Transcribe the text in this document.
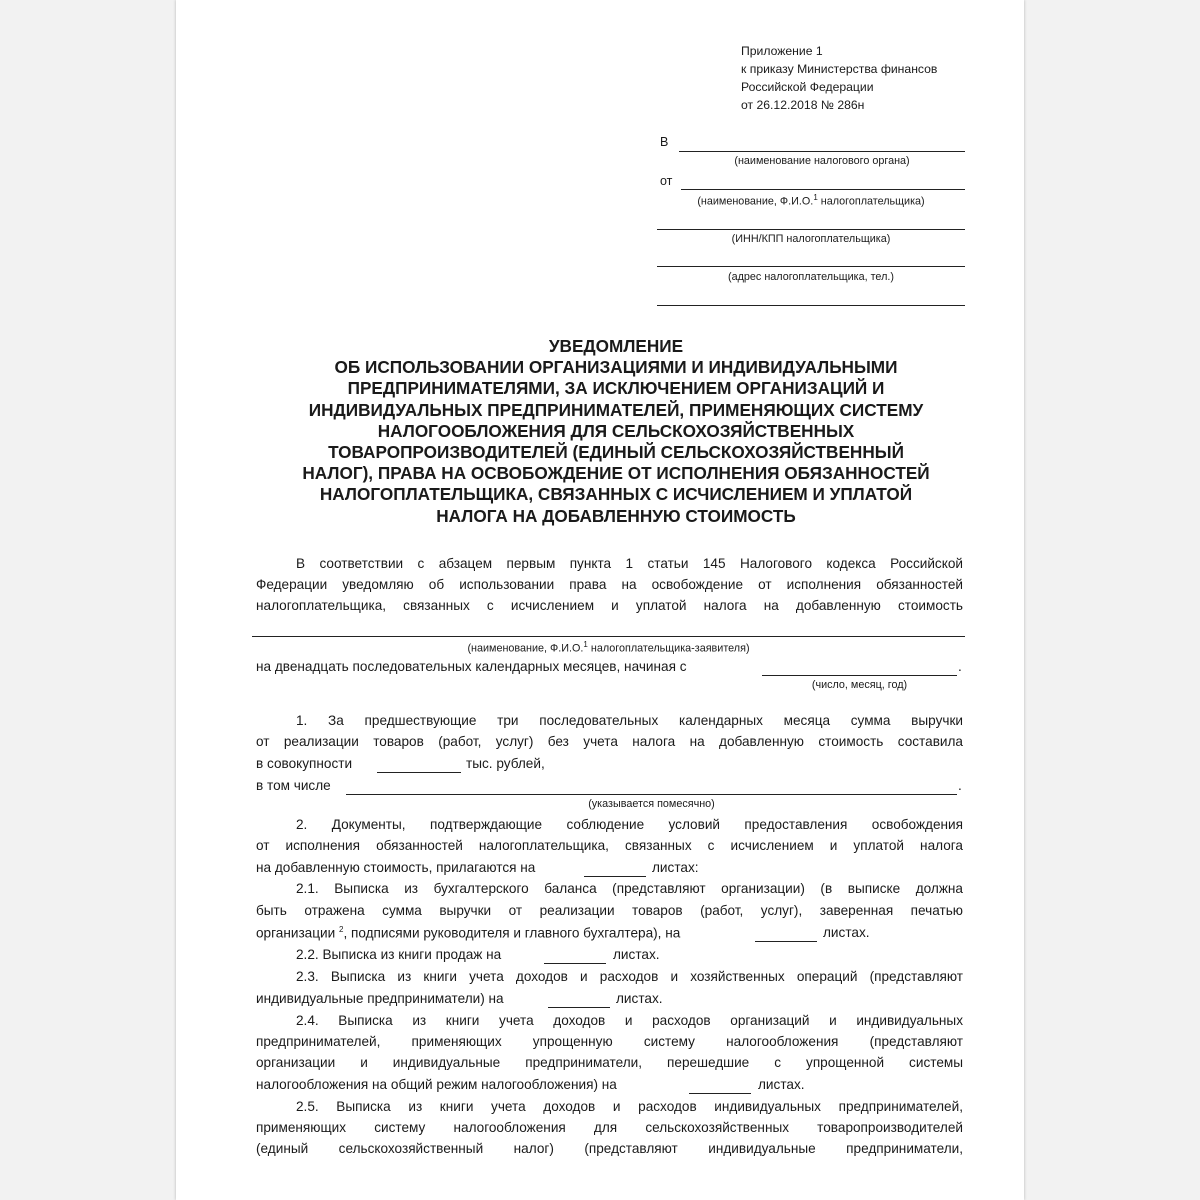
Приложение 1
к приказу Министерства финансов
Российской Федерации
от 26.12.2018 № 286н
В
(наименование налогового органа)
от
(наименование, Ф.И.О.$^1$ налогоплательщика)
(ИНН/КПП налогоплательщика)
(адрес налогоплательщика, тел.)
УВЕДОМЛЕНИЕ
ОБ ИСПОЛЬЗОВАНИИ ОРГАНИЗАЦИЯМИ И ИНДИВИДУАЛЬНЫМИ
ПРЕДПРИНИМАТЕЛЯМИ, ЗА ИСКЛЮЧЕНИЕМ ОРГАНИЗАЦИЙ И
ИНДИВИДУАЛЬНЫХ ПРЕДПРИНИМАТЕЛЕЙ, ПРИМЕНЯЮЩИХ СИСТЕМУ
НАЛОГООБЛОЖЕНИЯ ДЛЯ СЕЛЬСКОХОЗЯЙСТВЕННЫХ
ТОВАРОПРОИЗВОДИТЕЛЕЙ (ЕДИНЫЙ СЕЛЬСКОХОЗЯЙСТВЕННЫЙ
НАЛОГ), ПРАВА НА ОСВОБОЖДЕНИЕ ОТ ИСПОЛНЕНИЯ ОБЯЗАННОСТЕЙ
НАЛОГОПЛАТЕЛЬЩИКА, СВЯЗАННЫХ С ИСЧИСЛЕНИЕМ И УПЛАТОЙ
НАЛОГА НА ДОБАВЛЕННУЮ СТОИМОСТЬ
В соответствии с абзацем первым пункта 1 статьи 145 Налогового кодекса Российской
Федерации уведомляю об использовании права на освобождение от исполнения обязанностей
налогоплательщика, связанных с исчислением и уплатой налога на добавленную стоимость
(наименование, Ф.И.О.$^1$ налогоплательщика-заявителя)
на двенадцать последовательных календарных месяцев, начиная с	.
(число, месяц, год)
1. За предшествующие три последовательных календарных месяца сумма выручки
от реализации товаров (работ, услуг) без учета налога на добавленную стоимость составила
в совокупности	тыс. рублей,
в том числе	.
(указывается помесячно)
2. Документы, подтверждающие соблюдение условий предоставления освобождения
от исполнения обязанностей налогоплательщика, связанных с исчислением и уплатой налога
на добавленную стоимость, прилагаются на	листах:
2.1. Выписка из бухгалтерского баланса (представляют организации) (в выписке должна
быть отражена сумма выручки от реализации товаров (работ, услуг), заверенная печатью
организации $^2$, подписями руководителя и главного бухгалтера), на	листах.
2.2. Выписка из книги продаж на	листах.
2.3. Выписка из книги учета доходов и расходов и хозяйственных операций (представляют
индивидуальные предприниматели) на	листах.
2.4. Выписка из книги учета доходов и расходов организаций и индивидуальных
предпринимателей, применяющих упрощенную систему налогообложения (представляют
организации и индивидуальные предприниматели, перешедшие с упрощенной системы
налогообложения на общий режим налогообложения) на	листах.
2.5. Выписка из книги учета доходов и расходов индивидуальных предпринимателей,
применяющих систему налогообложения для сельскохозяйственных товаропроизводителей
(единый сельскохозяйственный налог) (представляют индивидуальные предприниматели,
